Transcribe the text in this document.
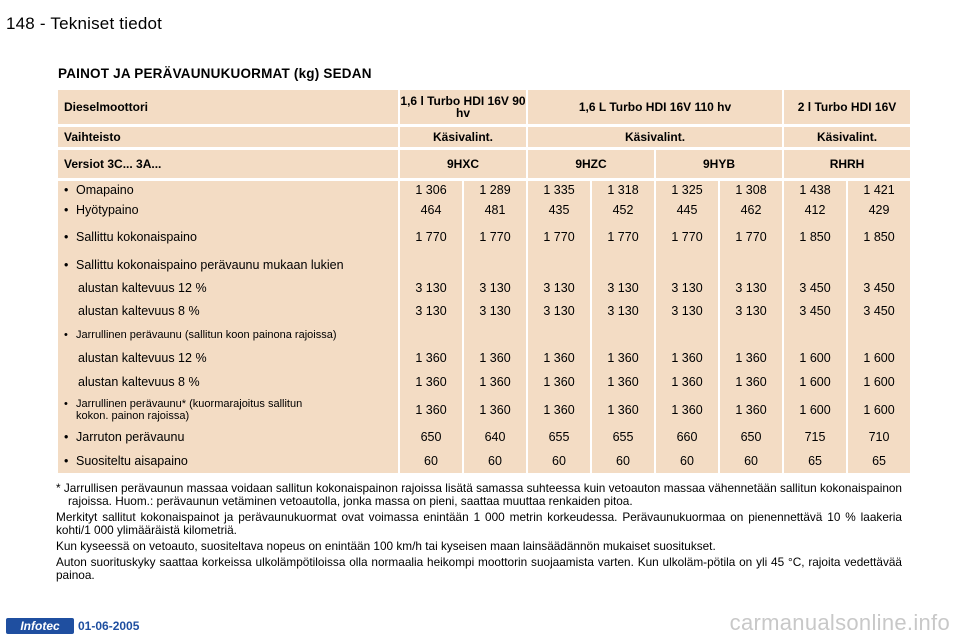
148 - Tekniset tiedot
PAINOT JA PERÄVAUNUKUORMAT (kg) SEDAN
Dieselmoottori	1,6 l Turbo HDI 16V 90 hv		1,6 L Turbo HDI 16V 110 hv				2 l Turbo HDI 16V	

Vaihteisto	Käsivalint.		Käsivalint.				Käsivalint.	

Versiot 3C... 3A...	9HXC		9HZC		9HYB		RHRH	

• Omapaino	1 306	1 289	1 335	1 318	1 325	1 308	1 438	1 421
• Hyötypaino	464	481	435	452	445	462	412	429
• Sallittu kokonaispaino	1 770	1 770	1 770	1 770	1 770	1 770	1 850	1 850
• Sallittu kokonaispaino perävaunu mukaan lukien								
alustan kaltevuus 12 %	3 130	3 130	3 130	3 130	3 130	3 130	3 450	3 450
alustan kaltevuus 8 %	3 130	3 130	3 130	3 130	3 130	3 130	3 450	3 450
• Jarrullinen perävaunu (sallitun koon painona rajoissa)								
alustan kaltevuus 12 %	1 360	1 360	1 360	1 360	1 360	1 360	1 600	1 600
alustan kaltevuus 8 %	1 360	1 360	1 360	1 360	1 360	1 360	1 600	1 600
• Jarrullinen perävaunu* (kuormarajoitus sallitun
kokon. painon rajoissa)	1 360	1 360	1 360	1 360	1 360	1 360	1 600	1 600
• Jarruton perävaunu	650	640	655	655	660	650	715	710
• Suositeltu aisapaino	60	60	60	60	60	60	65	65

* Jarrullisen perävaunun massaa voidaan sallitun kokonaispainon rajoissa lisätä samassa suhteessa kuin vetoauton massaa vähennetään sallitun kokonaispainon rajoissa. Huom.: perävaunun vetäminen vetoautolla, jonka massa on pieni, saattaa muuttaa renkaiden pitoa.

Merkityt sallitut kokonaispainot ja perävaunukuormat ovat voimassa enintään 1 000 metrin korkeudessa. Perävaunukuormaa on pienennettävä 10 % laakeria kohti/1 000 ylimääräistä kilometriä.

Kun kyseessä on vetoauto, suositeltava nopeus on enintään 100 km/h tai kyseisen maan lainsäädännön mukaiset suositukset.

Auton suorituskyky saattaa korkeissa ulkolämpötiloissa olla normaalia heikompi moottorin suojaamista varten. Kun ulkoläm-pötila on yli 45 °C, rajoita vedettävää painoa.

Infotec	01-06-2005	carmanualsonline.info
